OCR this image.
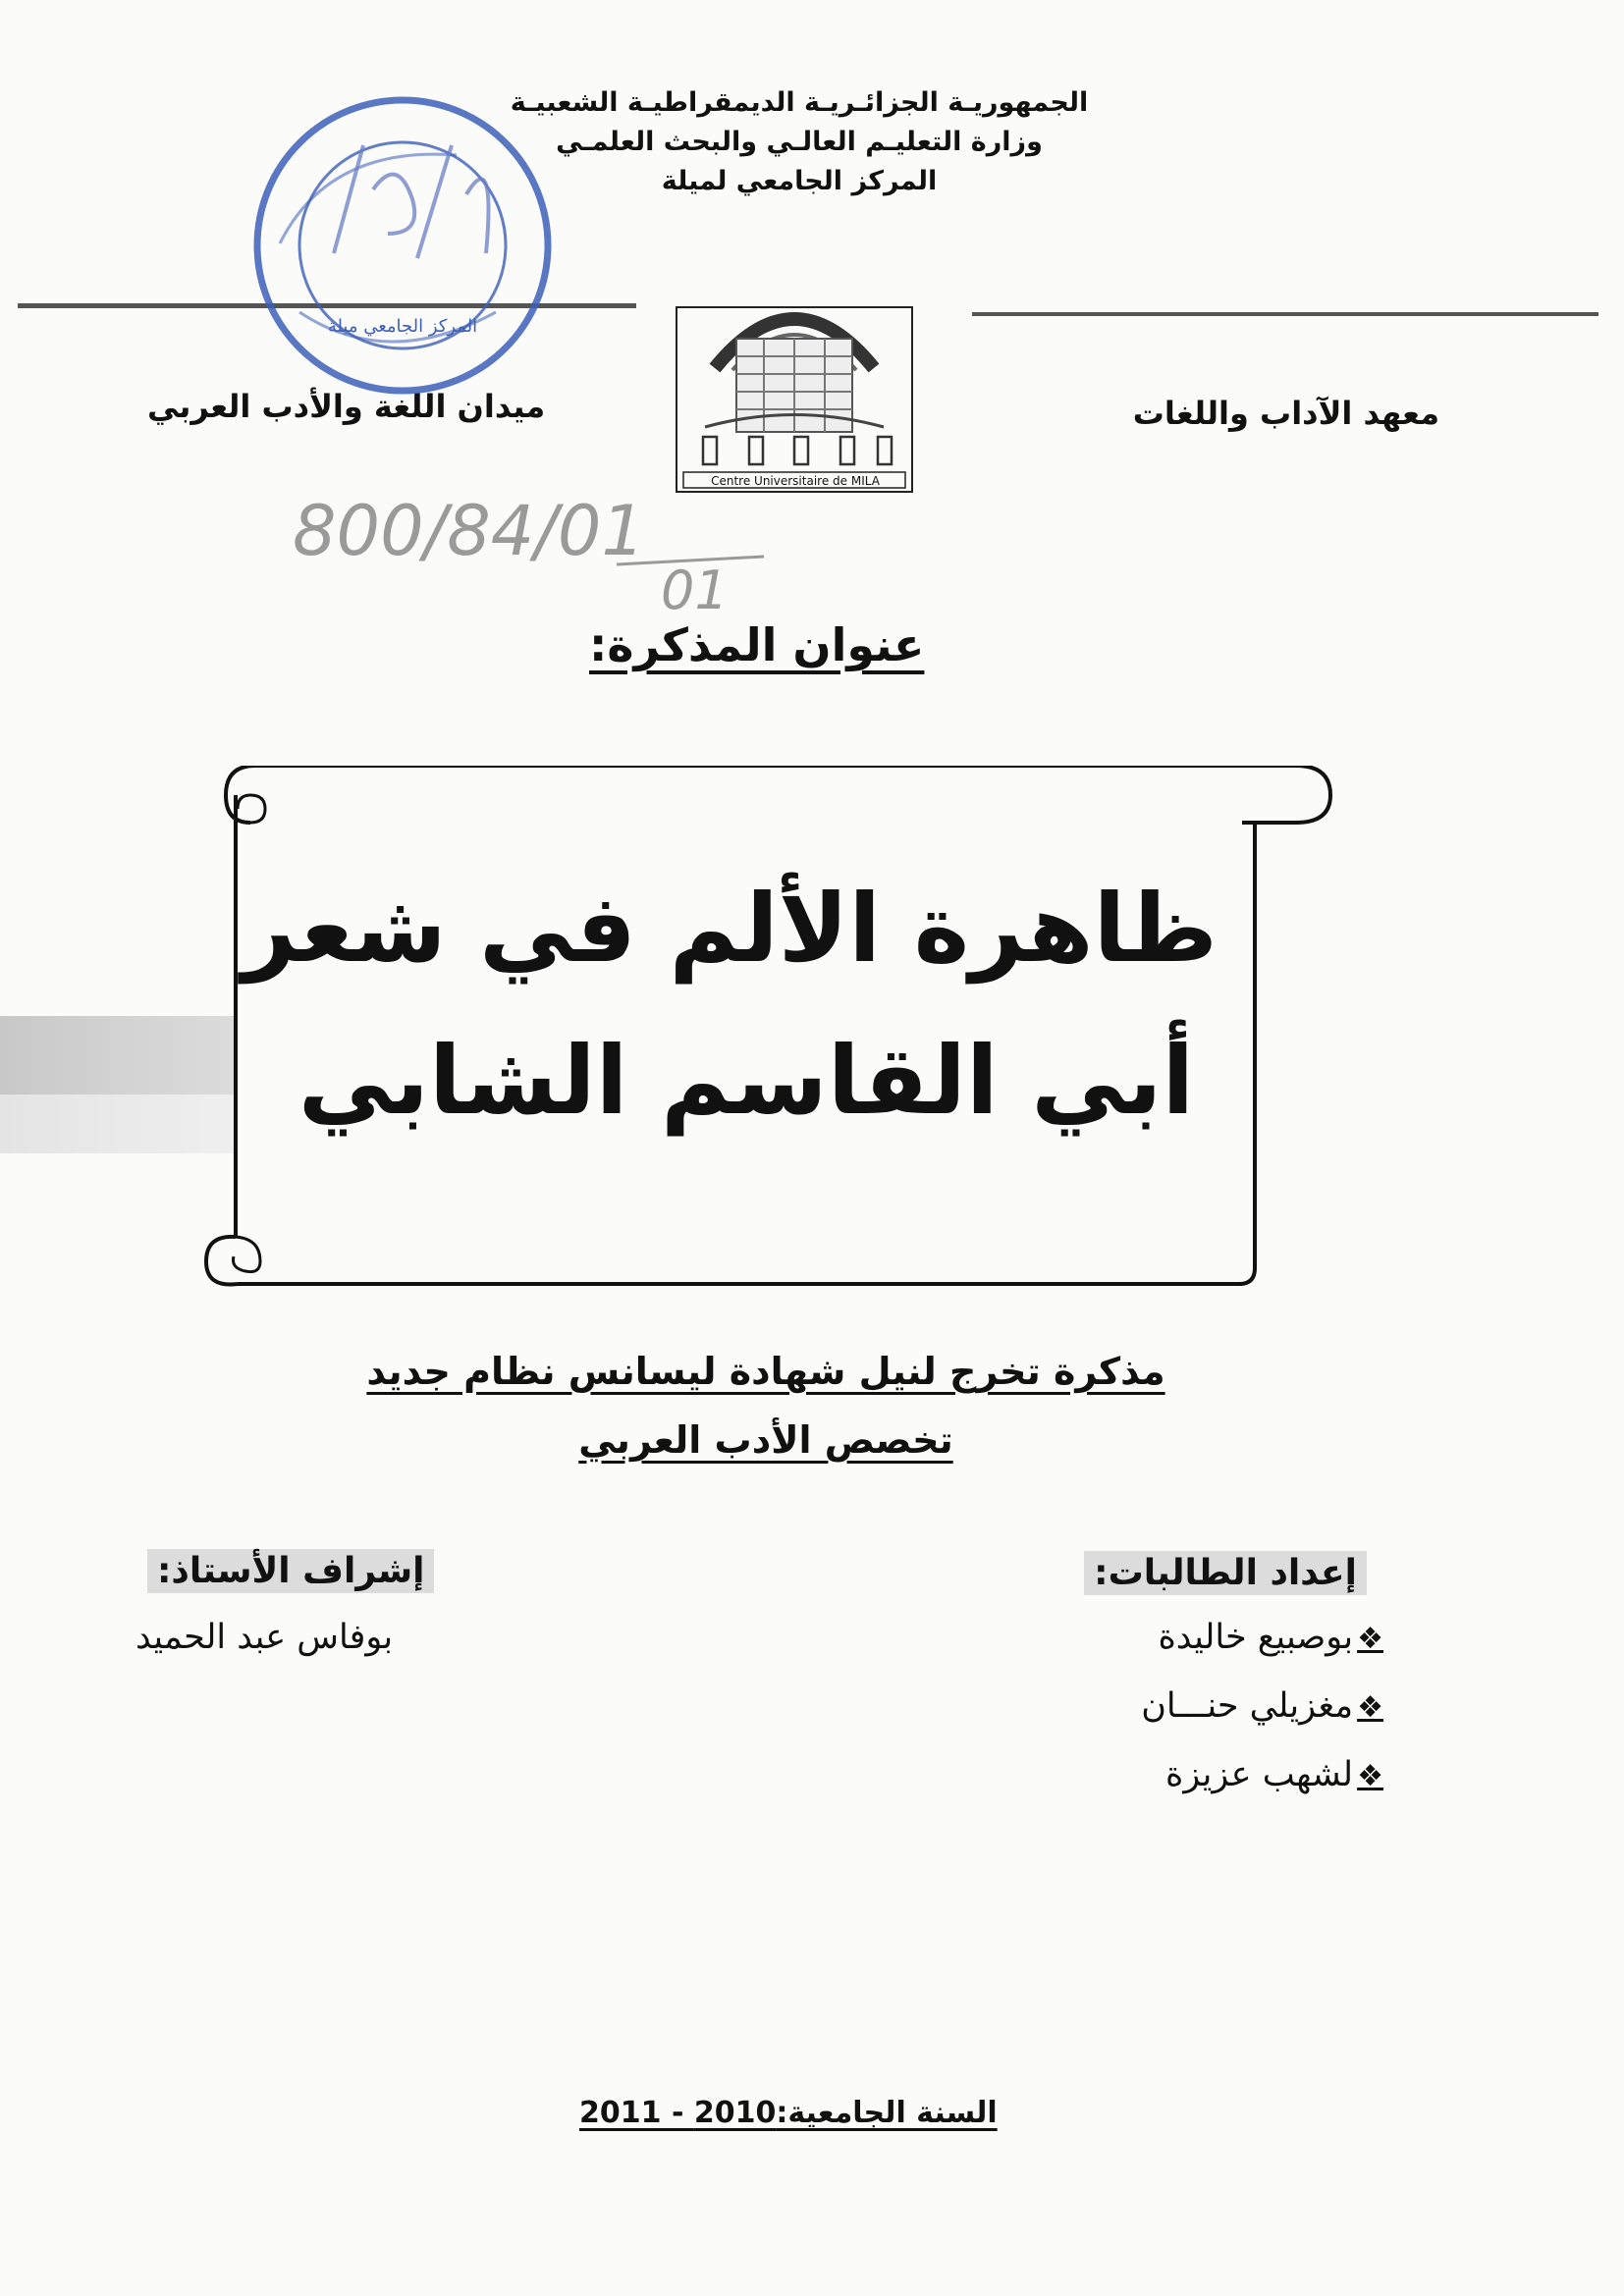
الجمهوريـة الجزائـريـة الديمقراطيـة الشعبيـة
وزارة التعليـم العالـي والبحث العلمـي
المركز الجامعي لميلة
معهد الآداب واللغات
ميدان اللغة والأدب العربي
Centre Universitaire de MILA
المركز الجامعي ميلة
800/84/01
01
عنوان المذكرة:
ظاهرة الألم في شعر
أبي القاسم الشابي
مذكرة تخرج لنيل شهادة ليسانس نظام جديد
تخصص الأدب العربي
إعداد الطالبات:
❖بوصبيع خاليدة
❖مغزيلي حنـــان
❖لشهب عزيزة
إشراف الأستاذ:
بوفاس عبد الحميد
السنة الجامعية:2010 - 2011
